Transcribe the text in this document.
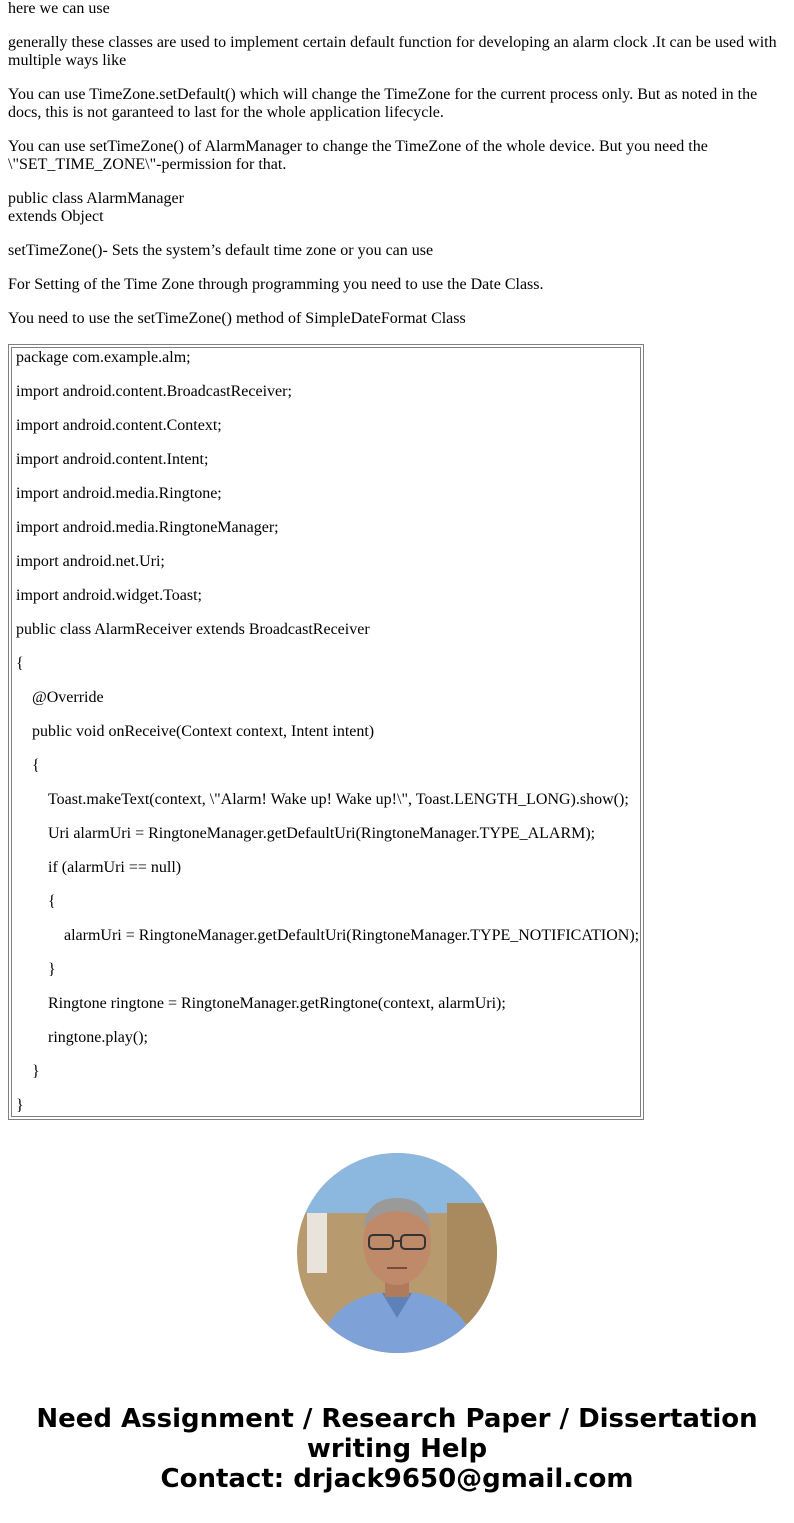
here we can use

generally these classes are used to implement certain default function for developing an alarm clock .It can be used with multiple ways like

You can use TimeZone.setDefault() which will change the TimeZone for the current process only. But as noted in the docs, this is not garanteed to last for the whole application lifecycle.

You can use setTimeZone() of AlarmManager to change the TimeZone of the whole device. But you need the \"SET_TIME_ZONE\"-permission for that.

public class AlarmManager
extends Object

setTimeZone()- Sets the system’s default time zone or you can use

For Setting of the Time Zone through programming you need to use the Date Class.

You need to use the setTimeZone() method of SimpleDateFormat Class

package com.example.alm;

import android.content.BroadcastReceiver;

import android.content.Context;

import android.content.Intent;

import android.media.Ringtone;

import android.media.RingtoneManager;

import android.net.Uri;

import android.widget.Toast;

public class AlarmReceiver extends BroadcastReceiver

{

@Override

public void onReceive(Context context, Intent intent)

{

Toast.makeText(context, \"Alarm! Wake up! Wake up!\", Toast.LENGTH_LONG).show();

Uri alarmUri = RingtoneManager.getDefaultUri(RingtoneManager.TYPE_ALARM);

if (alarmUri == null)

{

alarmUri = RingtoneManager.getDefaultUri(RingtoneManager.TYPE_NOTIFICATION);

}

Ringtone ringtone = RingtoneManager.getRingtone(context, alarmUri);

ringtone.play();

}

}

Need Assignment / Research Paper / Dissertation writing Help
Contact: drjack9650@gmail.com
